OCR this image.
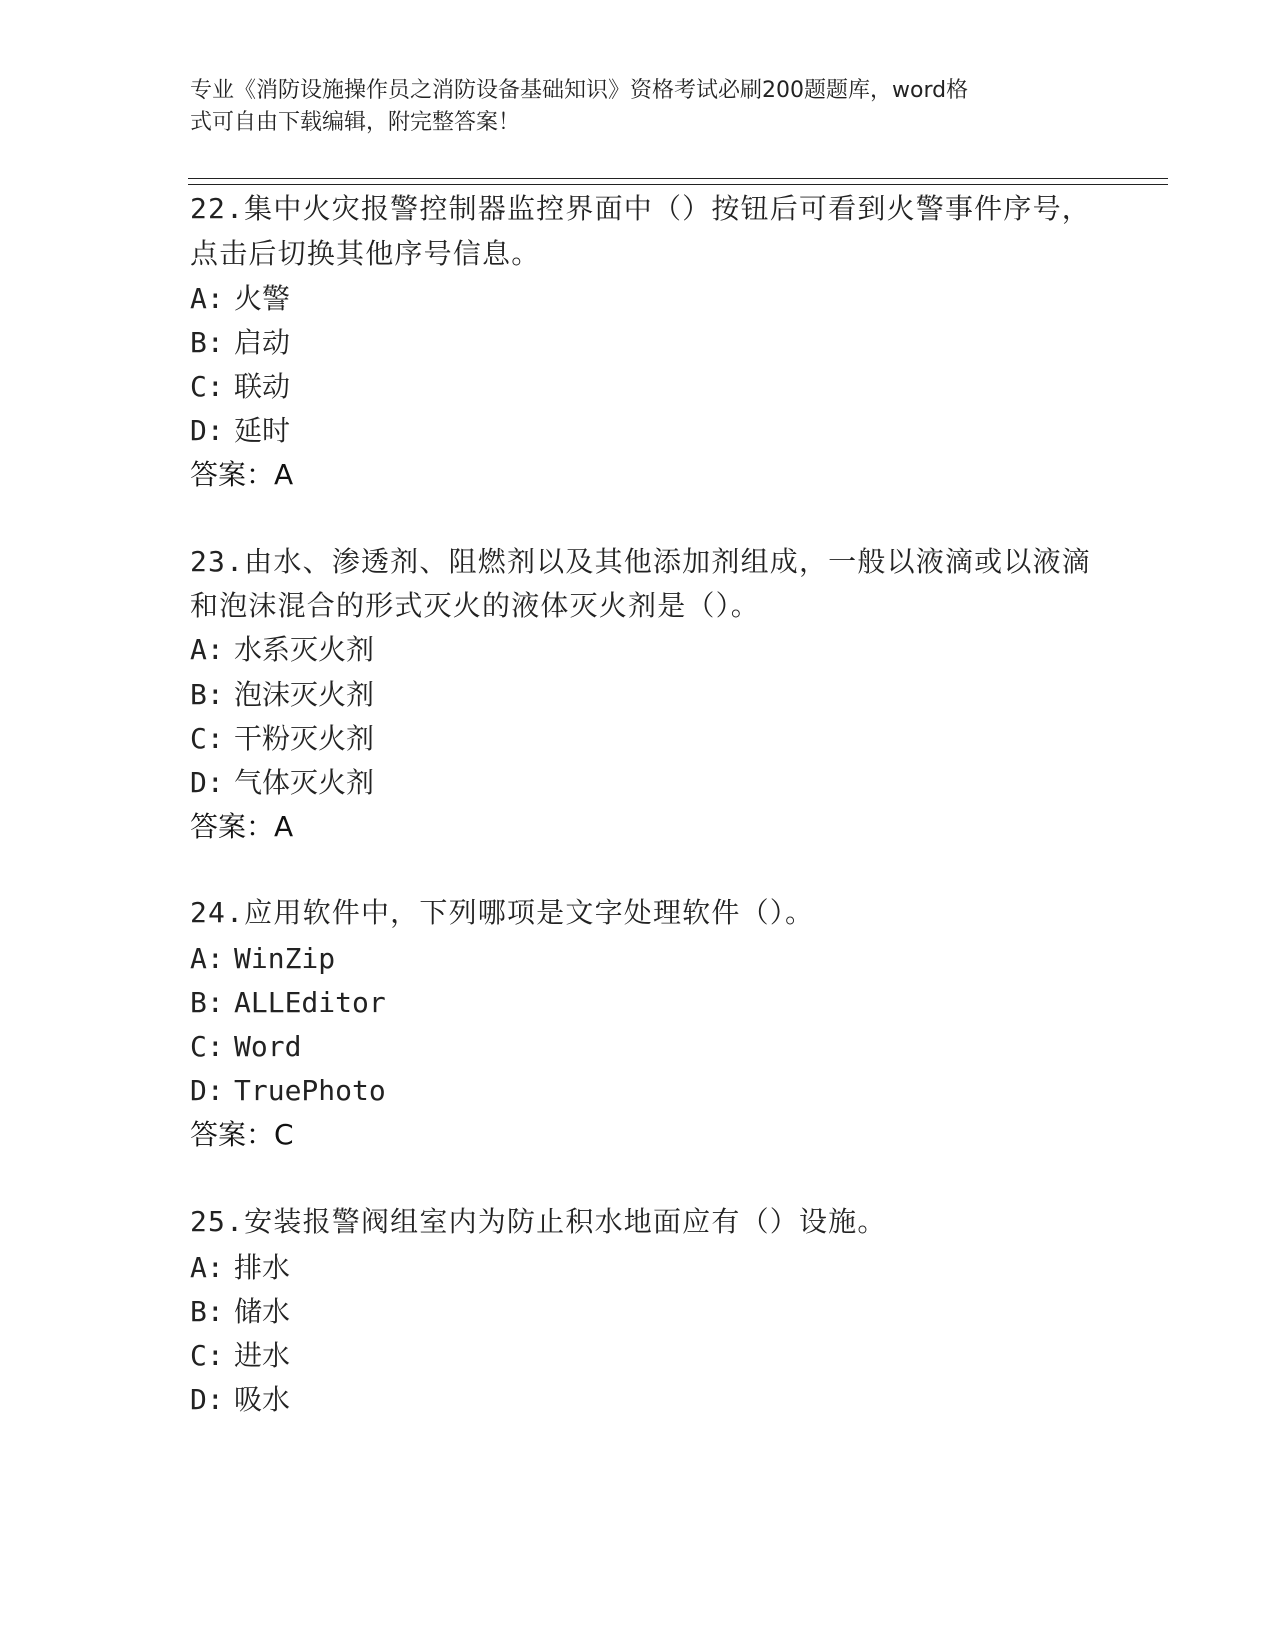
专业《消防设施操作员之消防设备基础知识》资格考试必刷200题题库，word格
式可自由下载编辑，附完整答案！
22.集中火灾报警控制器监控界面中（）按钮后可看到火警事件序号，
点击后切换其他序号信息。
A: 火警
B: 启动
C: 联动
D: 延时
答案：A
23.由水、渗透剂、阻燃剂以及其他添加剂组成，一般以液滴或以液滴
和泡沫混合的形式灭火的液体灭火剂是（）。
A: 水系灭火剂
B: 泡沫灭火剂
C: 干粉灭火剂
D: 气体灭火剂
答案：A
24.应用软件中，下列哪项是文字处理软件（）。
A: WinZip
B: ALLEditor
C: Word
D: TruePhoto
答案：C
25.安装报警阀组室内为防止积水地面应有（）设施。
A: 排水
B: 储水
C: 进水
D: 吸水
